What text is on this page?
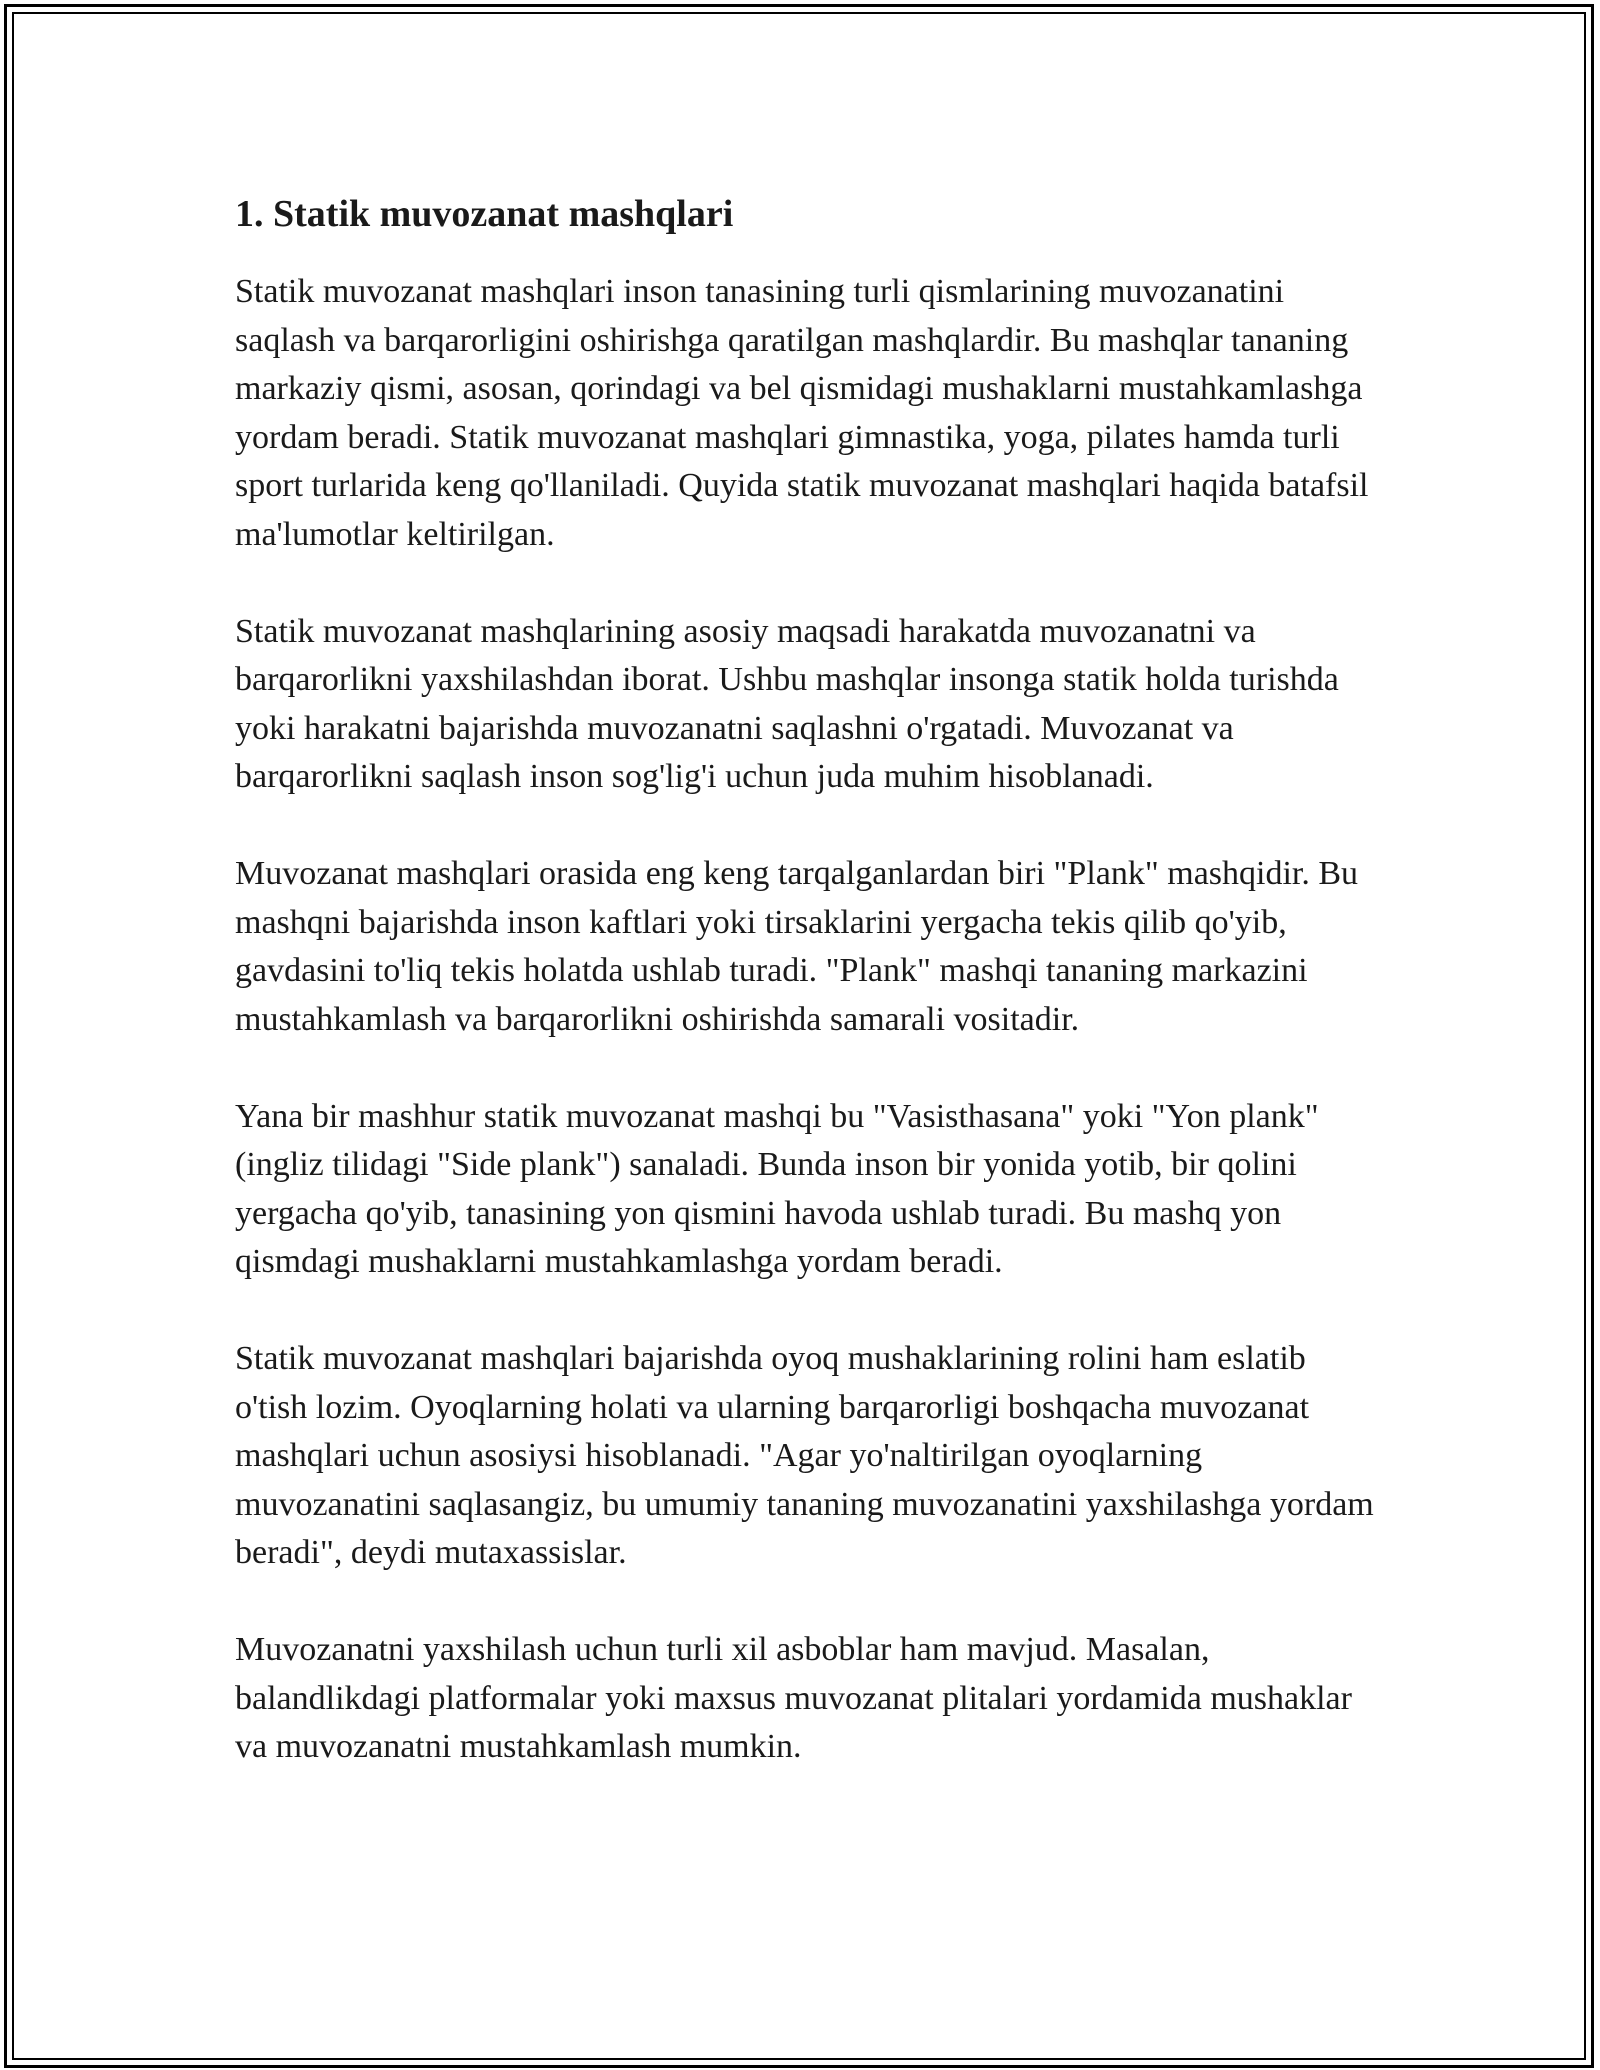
1. Statik muvozanat mashqlari

Statik muvozanat mashqlari inson tanasining turli qismlarining muvozanatini saqlash va barqarorligini oshirishga qaratilgan mashqlardir. Bu mashqlar tananing markaziy qismi, asosan, qorindagi va bel qismidagi mushaklarni mustahkamlashga yordam beradi. Statik muvozanat mashqlari gimnastika, yoga, pilates hamda turli sport turlarida keng qo'llaniladi. Quyida statik muvozanat mashqlari haqida batafsil ma'lumotlar keltirilgan.

Statik muvozanat mashqlarining asosiy maqsadi harakatda muvozanatni va barqarorlikni yaxshilashdan iborat. Ushbu mashqlar insonga statik holda turishda yoki harakatni bajarishda muvozanatni saqlashni o'rgatadi. Muvozanat va barqarorlikni saqlash inson sog'lig'i uchun juda muhim hisoblanadi.

Muvozanat mashqlari orasida eng keng tarqalganlardan biri "Plank" mashqidir. Bu mashqni bajarishda inson kaftlari yoki tirsaklarini yergacha tekis qilib qo'yib, gavdasini to'liq tekis holatda ushlab turadi. "Plank" mashqi tananing markazini mustahkamlash va barqarorlikni oshirishda samarali vositadir.

Yana bir mashhur statik muvozanat mashqi bu "Vasisthasana" yoki "Yon plank" (ingliz tilidagi "Side plank") sanaladi. Bunda inson bir yonida yotib, bir qolini yergacha qo'yib, tanasining yon qismini havoda ushlab turadi. Bu mashq yon qismdagi mushaklarni mustahkamlashga yordam beradi.

Statik muvozanat mashqlari bajarishda oyoq mushaklarining rolini ham eslatib o'tish lozim. Oyoqlarning holati va ularning barqarorligi boshqacha muvozanat mashqlari uchun asosiysi hisoblanadi. "Agar yo'naltirilgan oyoqlarning muvozanatini saqlasangiz, bu umumiy tananing muvozanatini yaxshilashga yordam beradi", deydi mutaxassislar.

Muvozanatni yaxshilash uchun turli xil asboblar ham mavjud. Masalan, balandlikdagi platformalar yoki maxsus muvozanat plitalari yordamida mushaklar va muvozanatni mustahkamlash mumkin.
